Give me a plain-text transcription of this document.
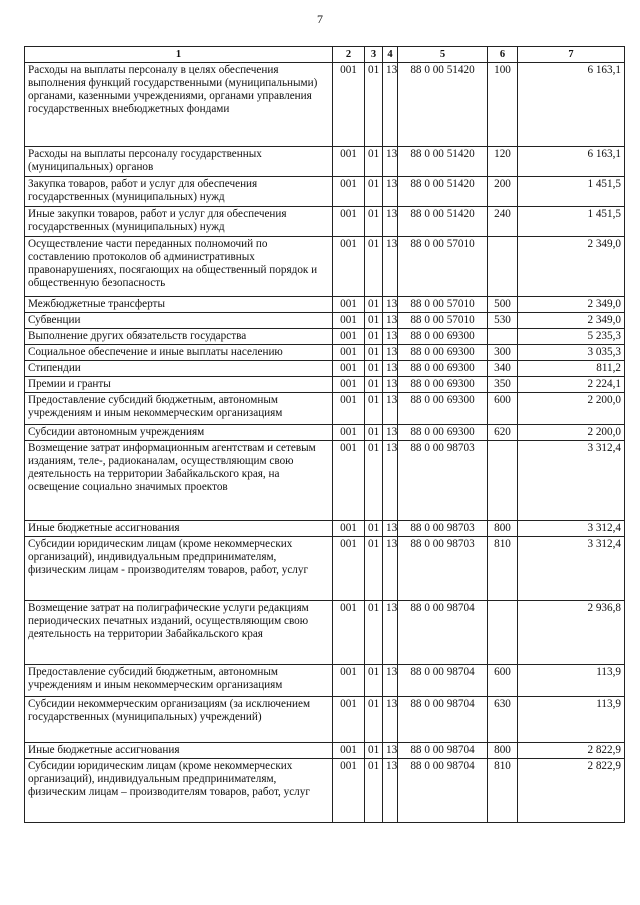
7
1	2	3	4	5	6	7
Расходы на выплаты персоналу в целях обеспечения выполнения функций государственными (муниципальными) органами, казенными учреждениями, органами управления государственных внебюджетных фондами	001	01	13	88 0 00 51420	100	6 163,1
Расходы на выплаты персоналу государственных (муниципальных) органов	001	01	13	88 0 00 51420	120	6 163,1
Закупка товаров, работ и услуг для обеспечения государственных (муниципальных) нужд	001	01	13	88 0 00 51420	200	1 451,5
Иные закупки товаров, работ и услуг для обеспечения государственных (муниципальных) нужд	001	01	13	88 0 00 51420	240	1 451,5
Осуществление части переданных полномочий по составлению протоколов об административных правонарушениях, посягающих на общественный порядок и общественную безопасность	001	01	13	88 0 00 57010		2 349,0
Межбюджетные трансферты	001	01	13	88 0 00 57010	500	2 349,0
Субвенции	001	01	13	88 0 00 57010	530	2 349,0
Выполнение других обязательств государства	001	01	13	88 0 00 69300		5 235,3
Социальное обеспечение и иные выплаты населению	001	01	13	88 0 00 69300	300	3 035,3
Стипендии	001	01	13	88 0 00 69300	340	811,2
Премии и гранты	001	01	13	88 0 00 69300	350	2 224,1
Предоставление субсидий бюджетным, автономным учреждениям и иным некоммерческим организациям	001	01	13	88 0 00 69300	600	2 200,0
Субсидии автономным учреждениям	001	01	13	88 0 00 69300	620	2 200,0
Возмещение затрат информационным агентствам и сетевым изданиям, теле-, радиоканалам, осуществляющим свою деятельность на территории Забайкальского края, на освещение социально значимых проектов	001	01	13	88 0 00 98703		3 312,4
Иные бюджетные ассигнования	001	01	13	88 0 00 98703	800	3 312,4
Субсидии юридическим лицам (кроме некоммерческих организаций), индивидуальным предпринимателям, физическим лицам - производителям товаров, работ, услуг	001	01	13	88 0 00 98703	810	3 312,4
Возмещение затрат на полиграфические услуги редакциям периодических печатных изданий, осуществляющим свою деятельность на территории Забайкальского края	001	01	13	88 0 00 98704		2 936,8
Предоставление субсидий бюджетным, автономным учреждениям и иным некоммерческим организациям	001	01	13	88 0 00 98704	600	113,9
Субсидии некоммерческим организациям (за исключением государственных (муниципальных) учреждений)	001	01	13	88 0 00 98704	630	113,9
Иные бюджетные ассигнования	001	01	13	88 0 00 98704	800	2 822,9
Субсидии юридическим лицам (кроме некоммерческих организаций), индивидуальным предпринимателям, физическим лицам – производителям товаров, работ, услуг	001	01	13	88 0 00 98704	810	2 822,9
